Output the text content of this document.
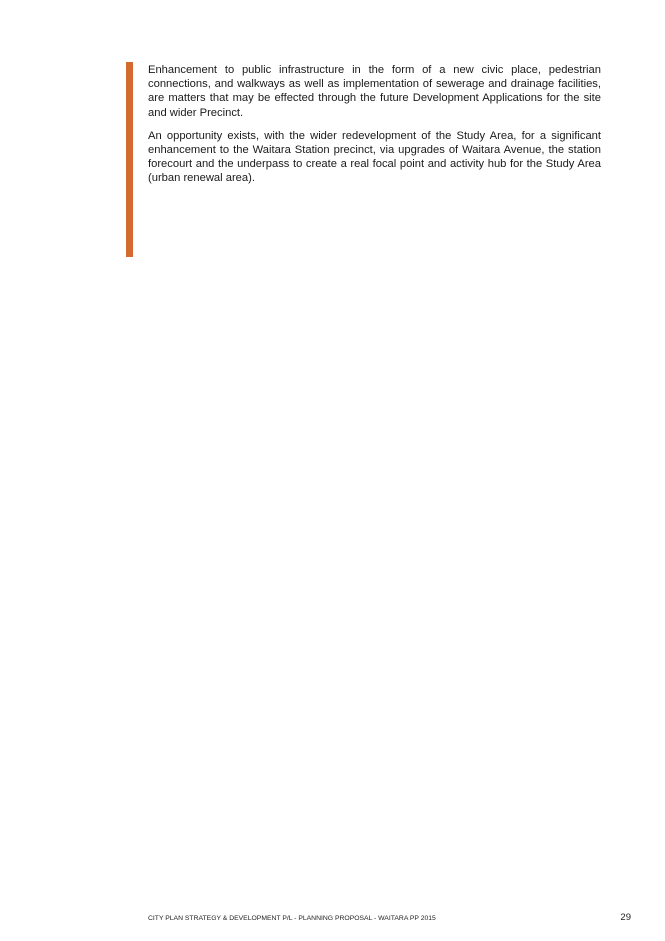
Enhancement to public infrastructure in the form of a new civic place, pedestrian connections, and walkways as well as implementation of sewerage and drainage facilities, are matters that may be effected through the future Development Applications for the site and wider Precinct.

An opportunity exists, with the wider redevelopment of the Study Area, for a significant enhancement to the Waitara Station precinct, via upgrades of Waitara Avenue, the station forecourt and the underpass to create a real focal point and activity hub for the Study Area (urban renewal area).

CITY PLAN STRATEGY & DEVELOPMENT P/L - PLANNING PROPOSAL - WAITARA PP 2015	29
